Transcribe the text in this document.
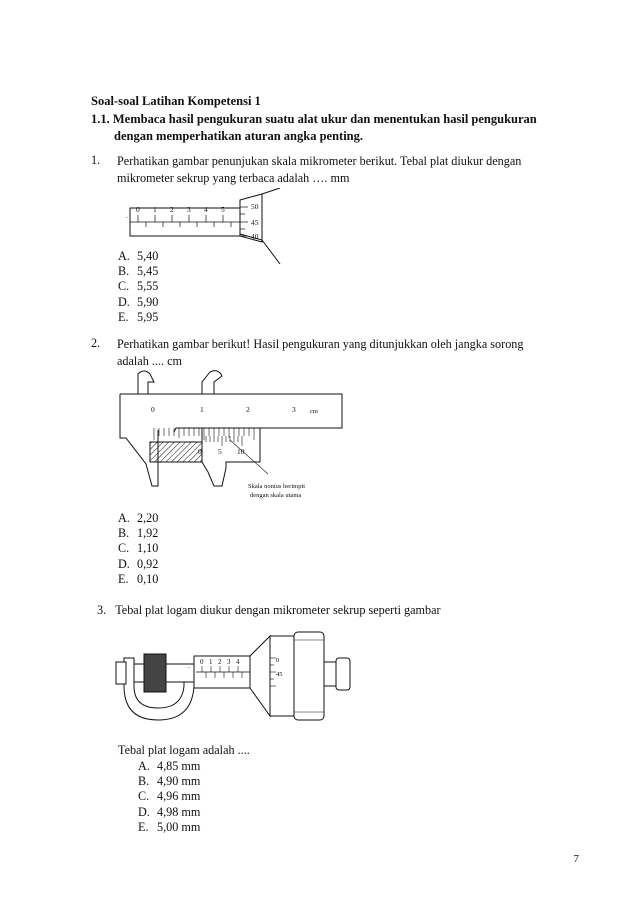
Soal-soal Latihan Kompetensi 1
1.1. Membaca hasil pengukuran suatu alat ukur dan menentukan hasil pengukuran
dengan memperhatikan aturan angka penting.
1.	Perhatikan gambar penunjukan skala mikrometer berikut. Tebal plat diukur dengan
mikrometer sekrup yang terbaca adalah …. mm
0 1 2 3 4 5
.
50
45
40
A. 5,40
B. 5,45
C. 5,55
D. 5,90
E. 5,95
2.	Perhatikan gambar berikut! Hasil pengukuran yang ditunjukkan oleh jangka sorong
adalah .... cm
0	1	2	3 cm
0 5 10
Skala nonius berimpit
dengan skala utama
A. 2,20
B. 1,92
C. 1,10
D. 0,92
E. 0,10
3. Tebal plat logam diukur dengan mikrometer sekrup seperti gambar
0 1 2 3 4
.
0
45
Tebal plat logam adalah ....
A. 4,85 mm
B. 4,90 mm
C. 4,96 mm
D. 4,98 mm
E. 5,00 mm
7
